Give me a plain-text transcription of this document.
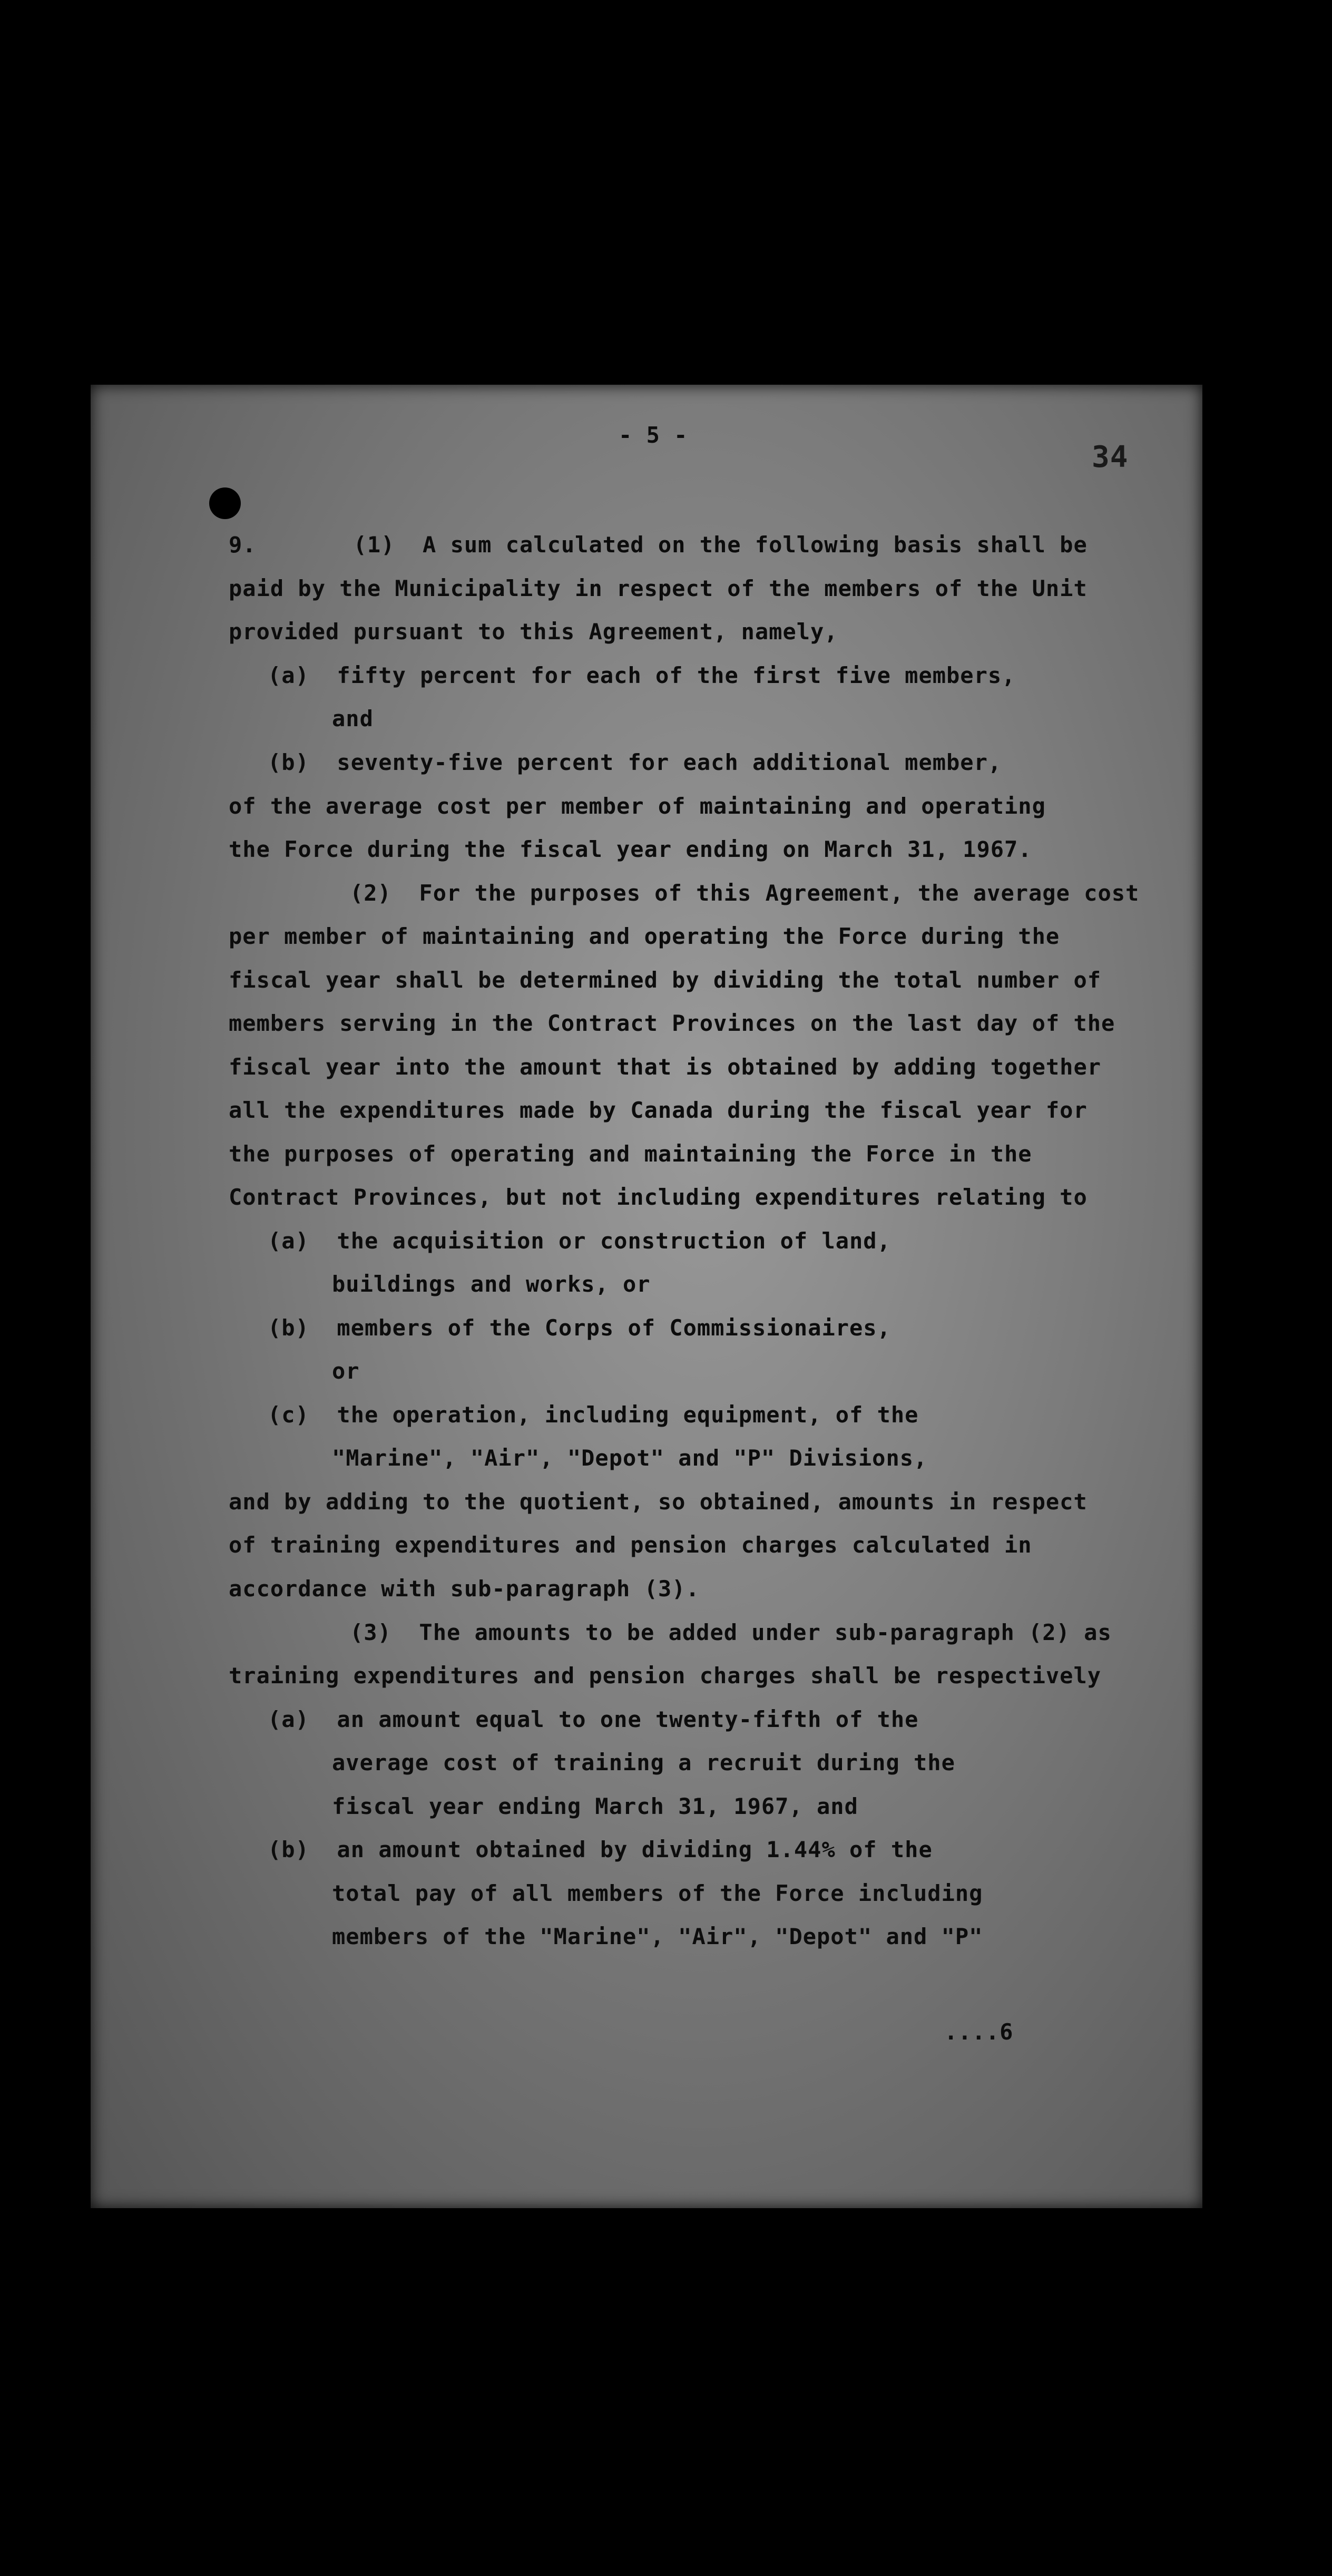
- 5 -
34
9.       (1)  A sum calculated on the following basis shall be
paid by the Municipality in respect of the members of the Unit
provided pursuant to this Agreement, namely,
(a)  fifty percent for each of the first five members,
and
(b)  seventy-five percent for each additional member,
of the average cost per member of maintaining and operating
the Force during the fiscal year ending on March 31, 1967.
(2)  For the purposes of this Agreement, the average cost
per member of maintaining and operating the Force during the
fiscal year shall be determined by dividing the total number of
members serving in the Contract Provinces on the last day of the
fiscal year into the amount that is obtained by adding together
all the expenditures made by Canada during the fiscal year for
the purposes of operating and maintaining the Force in the
Contract Provinces, but not including expenditures relating to
(a)  the acquisition or construction of land,
buildings and works, or
(b)  members of the Corps of Commissionaires,
or
(c)  the operation, including equipment, of the
"Marine", "Air", "Depot" and "P" Divisions,
and by adding to the quotient, so obtained, amounts in respect
of training expenditures and pension charges calculated in
accordance with sub-paragraph (3).
(3)  The amounts to be added under sub-paragraph (2) as
training expenditures and pension charges shall be respectively
(a)  an amount equal to one twenty-fifth of the
average cost of training a recruit during the
fiscal year ending March 31, 1967, and
(b)  an amount obtained by dividing 1.44% of the
total pay of all members of the Force including
members of the "Marine", "Air", "Depot" and "P"
....6
